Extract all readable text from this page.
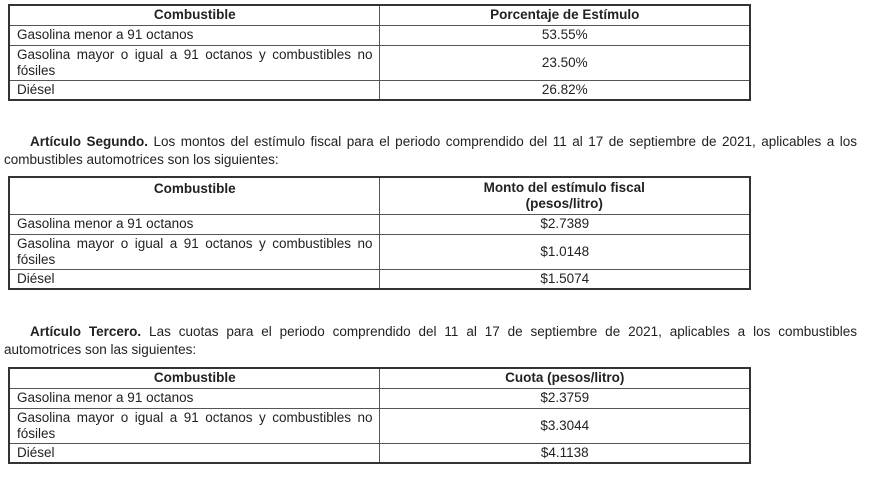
Combustible	Porcentaje de Estímulo
Gasolina menor a 91 octanos	53.55%
Gasolina mayor o igual a 91 octanos y combustibles no fósiles	23.50%
Diésel	26.82%

Artículo Segundo. Los montos del estímulo fiscal para el periodo comprendido del 11 al 17 de septiembre de 2021, aplicables a los combustibles automotrices son los siguientes:

Combustible	Monto del estímulo fiscal (pesos/litro)
Gasolina menor a 91 octanos	$2.7389
Gasolina mayor o igual a 91 octanos y combustibles no fósiles	$1.0148
Diésel	$1.5074

Artículo Tercero. Las cuotas para el periodo comprendido del 11 al 17 de septiembre de 2021, aplicables a los combustibles automotrices son las siguientes:

Combustible	Cuota (pesos/litro)
Gasolina menor a 91 octanos	$2.3759
Gasolina mayor o igual a 91 octanos y combustibles no fósiles	$3.3044
Diésel	$4.1138
